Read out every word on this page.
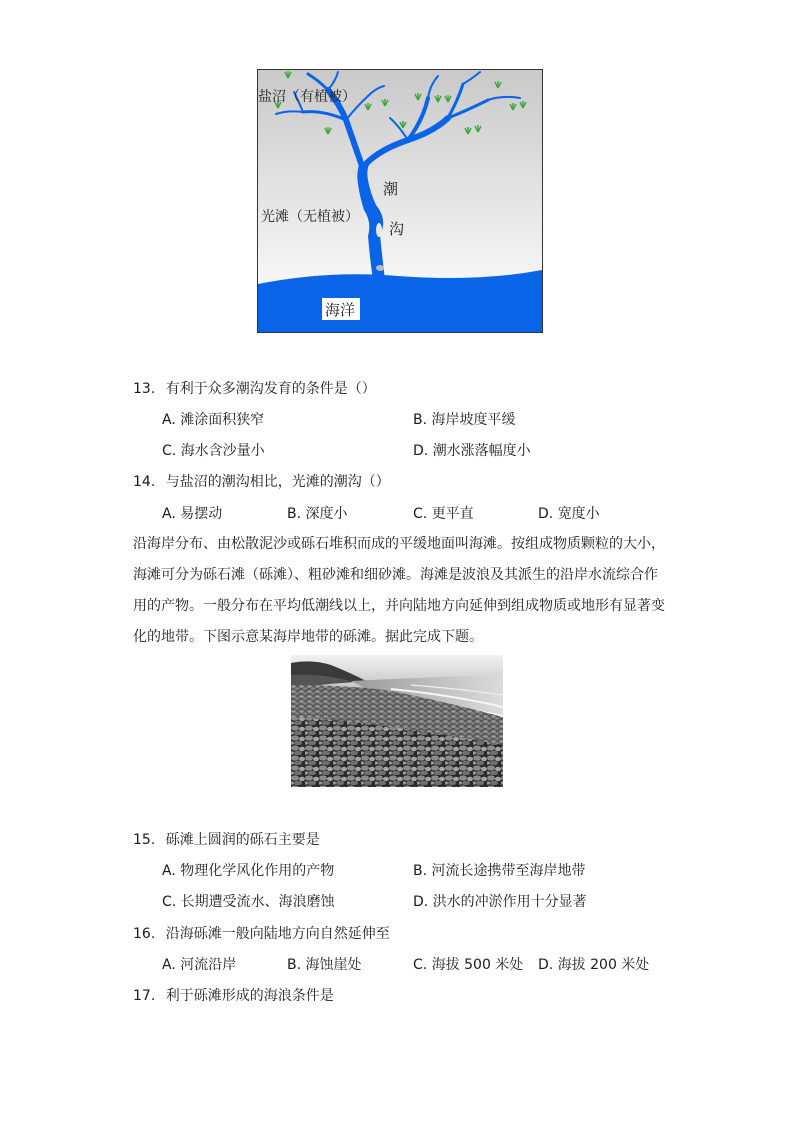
盐沼（有植被）
光滩（无植被）
潮
沟
海洋
13. 有利于众多潮沟发育的条件是（）
A. 滩涂面积狭窄	B. 海岸坡度平缓
C. 海水含沙量小	D. 潮水涨落幅度小
14. 与盐沼的潮沟相比，光滩的潮沟（）
A. 易摆动	B. 深度小	C. 更平直	D. 宽度小
沿海岸分布、由松散泥沙或砾石堆积而成的平缓地面叫海滩。按组成物质颗粒的大小，
海滩可分为砾石滩（砾滩）、粗砂滩和细砂滩。海滩是波浪及其派生的沿岸水流综合作
用的产物。一般分布在平均低潮线以上，并向陆地方向延伸到组成物质或地形有显著变
化的地带。下图示意某海岸地带的砾滩。据此完成下题。
15. 砾滩上圆润的砾石主要是
A. 物理化学风化作用的产物	B. 河流长途携带至海岸地带
C. 长期遭受流水、海浪磨蚀	D. 洪水的冲淤作用十分显著
16. 沿海砾滩一般向陆地方向自然延伸至
A. 河流沿岸	B. 海蚀崖处	C. 海拔 500 米处 D. 海拔 200 米处
17. 利于砾滩形成的海浪条件是
